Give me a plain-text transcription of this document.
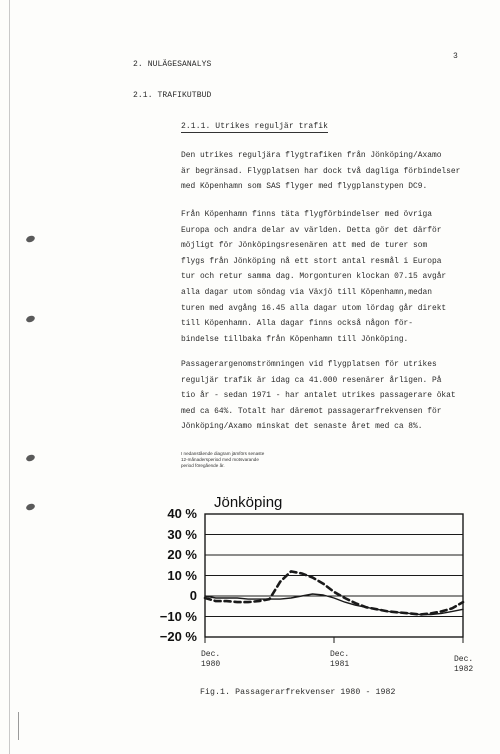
3
2. NULÄGESANALYS
2.1. TRAFIKUTBUD
2.1.1. Utrikes reguljär trafik
Den utrikes reguljära flygtrafiken från Jönköping/Axamo
är begränsad. Flygplatsen har dock två dagliga förbindelser
med Köpenhamn som SAS flyger med flygplanstypen DC9.
Från Köpenhamn finns täta flygförbindelser med övriga
Europa och andra delar av världen. Detta gör det därför
möjligt för Jönköpingsresenären att med de turer som
flygs från Jönköping nå ett stort antal resmål i Europa
tur och retur samma dag. Morgonturen klockan 07.15 avgår
alla dagar utom söndag via Växjö till Köpenhamn,medan
turen med avgång 16.45 alla dagar utom lördag går direkt
till Köpenhamn. Alla dagar finns också någon för-
bindelse tillbaka från Köpenhamn till Jönköping.
Passagerargenomströmningen vid flygplatsen för utrikes
reguljär trafik är idag ca 41.000 resenärer årligen. På
tio år - sedan 1971 - har antalet utrikes passagerare ökat
med ca 64%. Totalt har däremot passagerarfrekvensen för
Jönköping/Axamo minskat det senaste året med ca 8%.
I nedanstående diagram jämförs senaste
12-månadersperiod med motsvarande
period föregående år.
Jönköping
40 %
30 %
20 %
10 %
0
−10 %
−20 %
Dec.
1980
Dec.
1981
Dec.
1982
Fig.1. Passagerarfrekvenser 1980 - 1982
